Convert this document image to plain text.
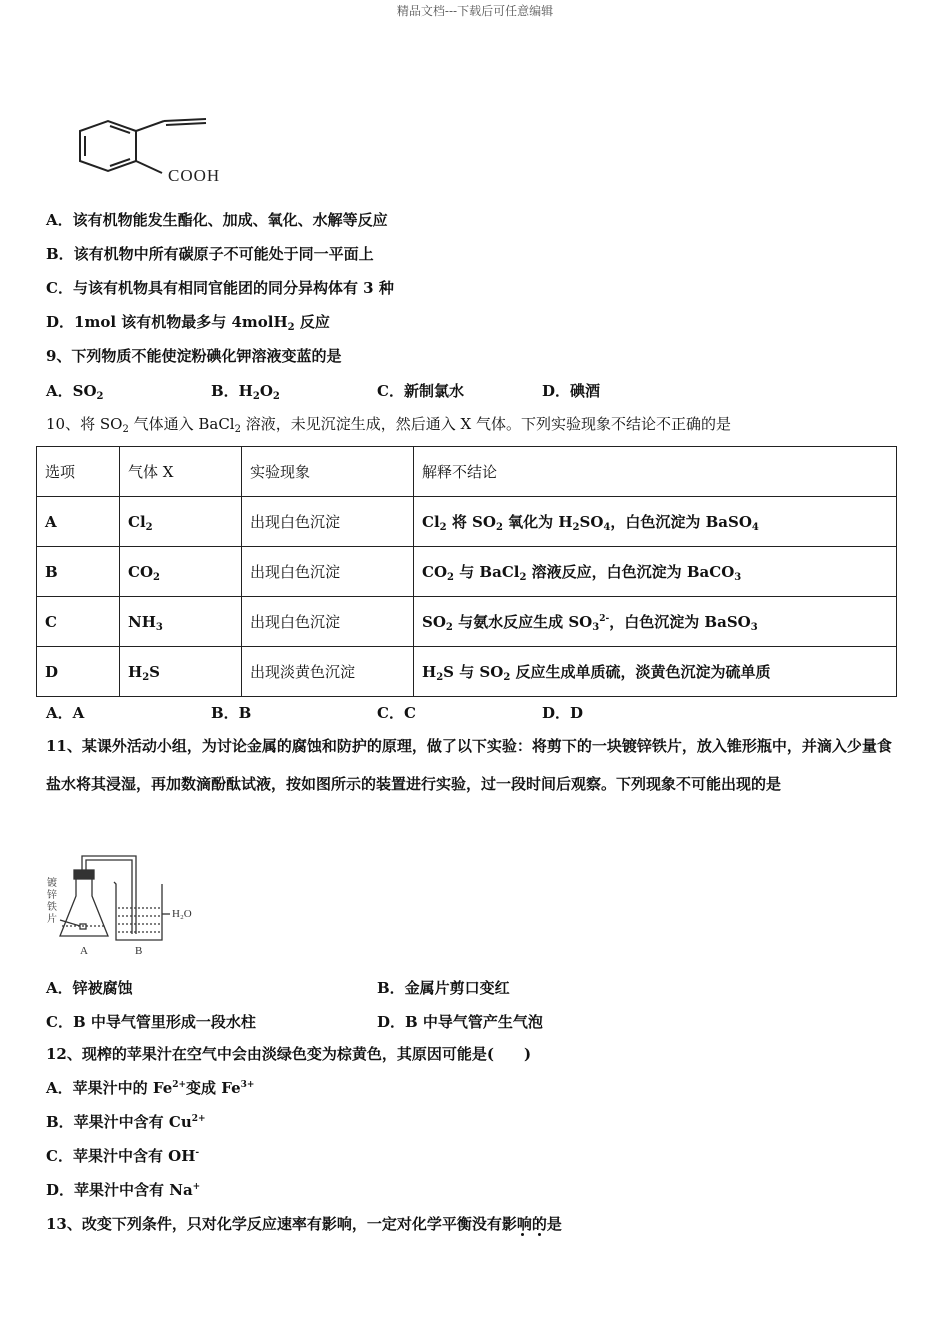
精品文档---下载后可任意编辑
COOH
A．该有机物能发生酯化、加成、氧化、水解等反应
B．该有机物中所有碳原子不可能处于同一平面上
C．与该有机物具有相同官能团的同分异构体有 3 种
D．1mol 该有机物最多与 4molH$_2$ 反应
9、下列物质不能使淀粉碘化钾溶液变蓝的是
A．$SO_2$	B．$H_2O_2$	C．新制氯水	D．碘酒
10、将 $SO_2$ 气体通入 BaCl$_2$ 溶液，未见沉淀生成，然后通入 X 气体。下列实验现象不结论不正确的是
选项	气体 X	实验现象	解释不结论
A	$Cl_2$	出现白色沉淀	$Cl_2$ 将 $SO_2$ 氧化为 $H_2SO_4$，白色沉淀为 BaSO$_4$
B	$CO_2$	出现白色沉淀	$CO_2$ 与 BaCl$_2$ 溶液反应，白色沉淀为 BaCO$_3$
C	$NH_3$	出现白色沉淀	$SO_2$ 与氨水反应生成 $SO_3^{2-}$，白色沉淀为 BaSO$_3$
D	$H_2S$	出现淡黄色沉淀	$H_2S$ 与 $SO_2$ 反应生成单质硫，淡黄色沉淀为硫单质
A．A	B．B	C．C	D．D
11、某课外活动小组，为讨论金属的腐蚀和防护的原理，做了以下实验：将剪下的一块镀锌铁片，放入锥形瓶中，并滴入少量食盐水将其浸湿，再加数滴酚酞试液，按如图所示的装置进行实验，过一段时间后观察。下列现象不可能出现的是
镀
锌
铁
片	H₂O
A	B
A．锌被腐蚀	B．金属片剪口变红
C．B 中导气管里形成一段水柱	D．B 中导气管产生气泡
12、现榨的苹果汁在空气中会由淡绿色变为棕黄色，其原因可能是(　　)
A．苹果汁中的 $Fe^{2+}$变成 $Fe^{3+}$
B．苹果汁中含有 $Cu^{2+}$
C．苹果汁中含有 OH-
D．苹果汁中含有 Na+
13、改变下列条件，只对化学反应速率有影响，一定对化学平衡没有影响的是
